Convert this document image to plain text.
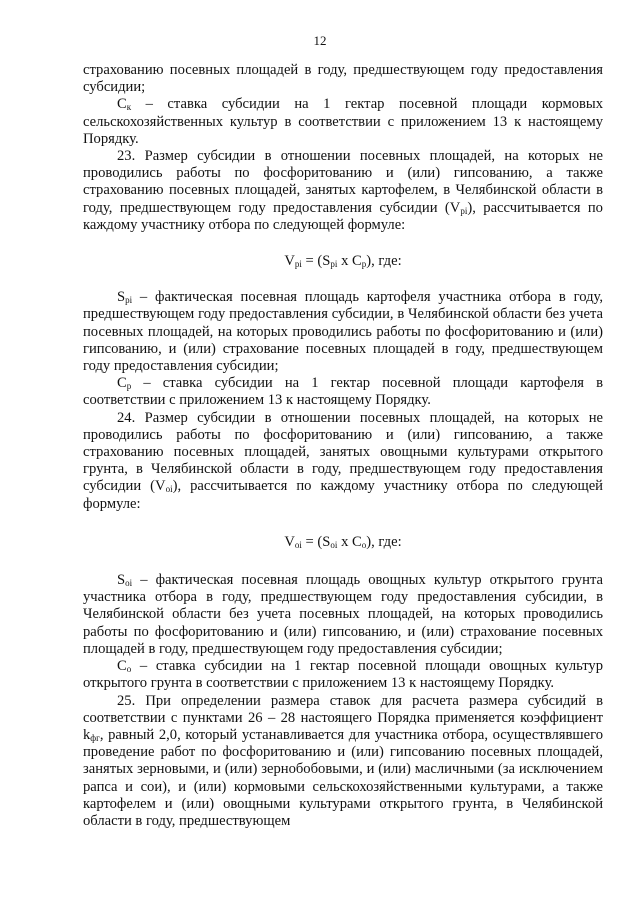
12

страхованию посевных площадей в году, предшествующем году предоставления субсидии;

$С_к$ – ставка субсидии на 1 гектар посевной площади кормовых сельскохозяйственных культур в соответствии с приложением 13 к настоящему Порядку.

23. Размер субсидии в отношении посевных площадей, на которых не проводились работы по фосфоритованию и (или) гипсованию, а также страхованию посевных площадей, занятых картофелем, в Челябинской области в году, предшествующем году предоставления субсидии $(V_{pi})$, рассчитывается по каждому участнику отбора по следующей формуле:

$V_{pi} = (S_{pi}$ x $С_р$), где:

$S_{pi}$ – фактическая посевная площадь картофеля участника отбора в году, предшествующем году предоставления субсидии, в Челябинской области без учета посевных площадей, на которых проводились работы по фосфоритованию и (или) гипсованию, и (или) страхование посевных площадей в году, предшествующем году предоставления субсидии;

$С_р$ – ставка субсидии на 1 гектар посевной площади картофеля в соответствии с приложением 13 к настоящему Порядку.

24. Размер субсидии в отношении посевных площадей, на которых не проводились работы по фосфоритованию и (или) гипсованию, а также страхованию посевных площадей, занятых овощными культурами открытого грунта, в Челябинской области в году, предшествующем году предоставления субсидии $(V_{oi})$, рассчитывается по каждому участнику отбора по следующей формуле:

$V_{oi} = (S_{oi}$ x $С_о$), где:

$S_{oi}$ – фактическая посевная площадь овощных культур открытого грунта участника отбора в году, предшествующем году предоставления субсидии, в Челябинской области без учета посевных площадей, на которых проводились работы по фосфоритованию и (или) гипсованию, и (или) страхование посевных площадей в году, предшествующем году предоставления субсидии;

$С_о$ – ставка субсидии на 1 гектар посевной площади овощных культур открытого грунта в соответствии с приложением 13 к настоящему Порядку.

25. При определении размера ставок для расчета размера субсидий в соответствии с пунктами 26 – 28 настоящего Порядка применяется коэффициент $k_{фг}$, равный 2,0, который устанавливается для участника отбора, осуществлявшего проведение работ по фосфоритованию и (или) гипсованию посевных площадей, занятых зерновыми, и (или) зернобобовыми, и (или) масличными (за исключением рапса и сои), и (или) кормовыми сельскохозяйственными культурами, а также картофелем и (или) овощными культурами открытого грунта, в Челябинской области в году, предшествующем
